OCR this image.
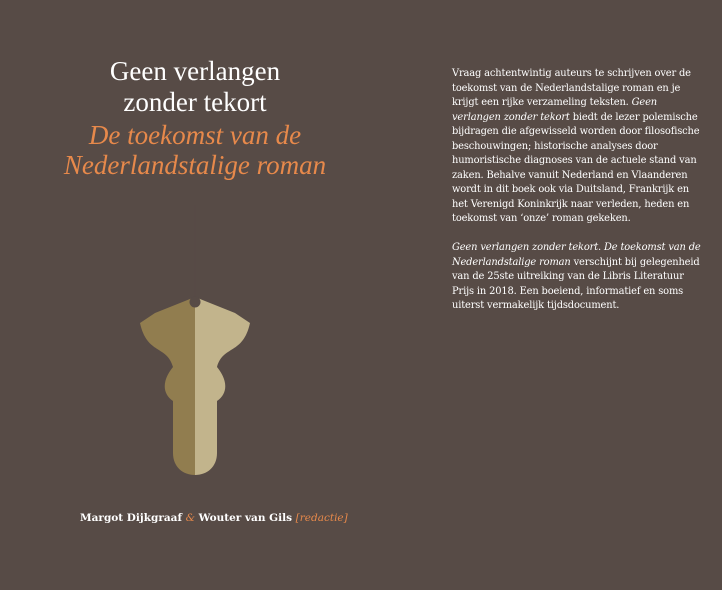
Geen verlangen
zonder tekort
De toekomst van de
Nederlandstalige roman
Margot Dijkgraaf & Wouter van Gils [redactie]

Vraag achtentwintig auteurs te schrijven over de toekomst van de Nederlandstalige roman en je krijgt een rijke verzameling teksten. Geen verlangen zonder tekort biedt de lezer polemische bijdragen die afgewisseld worden door filosofische beschouwingen; historische analyses door humoristische diagnoses van de actuele stand van zaken. Behalve vanuit Nederland en Vlaanderen wordt in dit boek ook via Duitsland, Frankrijk en het Verenigd Koninkrijk naar verleden, heden en toekomst van ‘onze’ roman gekeken.

Geen verlangen zonder tekort. De toekomst van de Nederlandstalige roman verschijnt bij gelegenheid van de 25ste uitreiking van de Libris Literatuur Prijs in 2018. Een boeiend, informatief en soms uiterst vermakelijk tijdsdocument.
